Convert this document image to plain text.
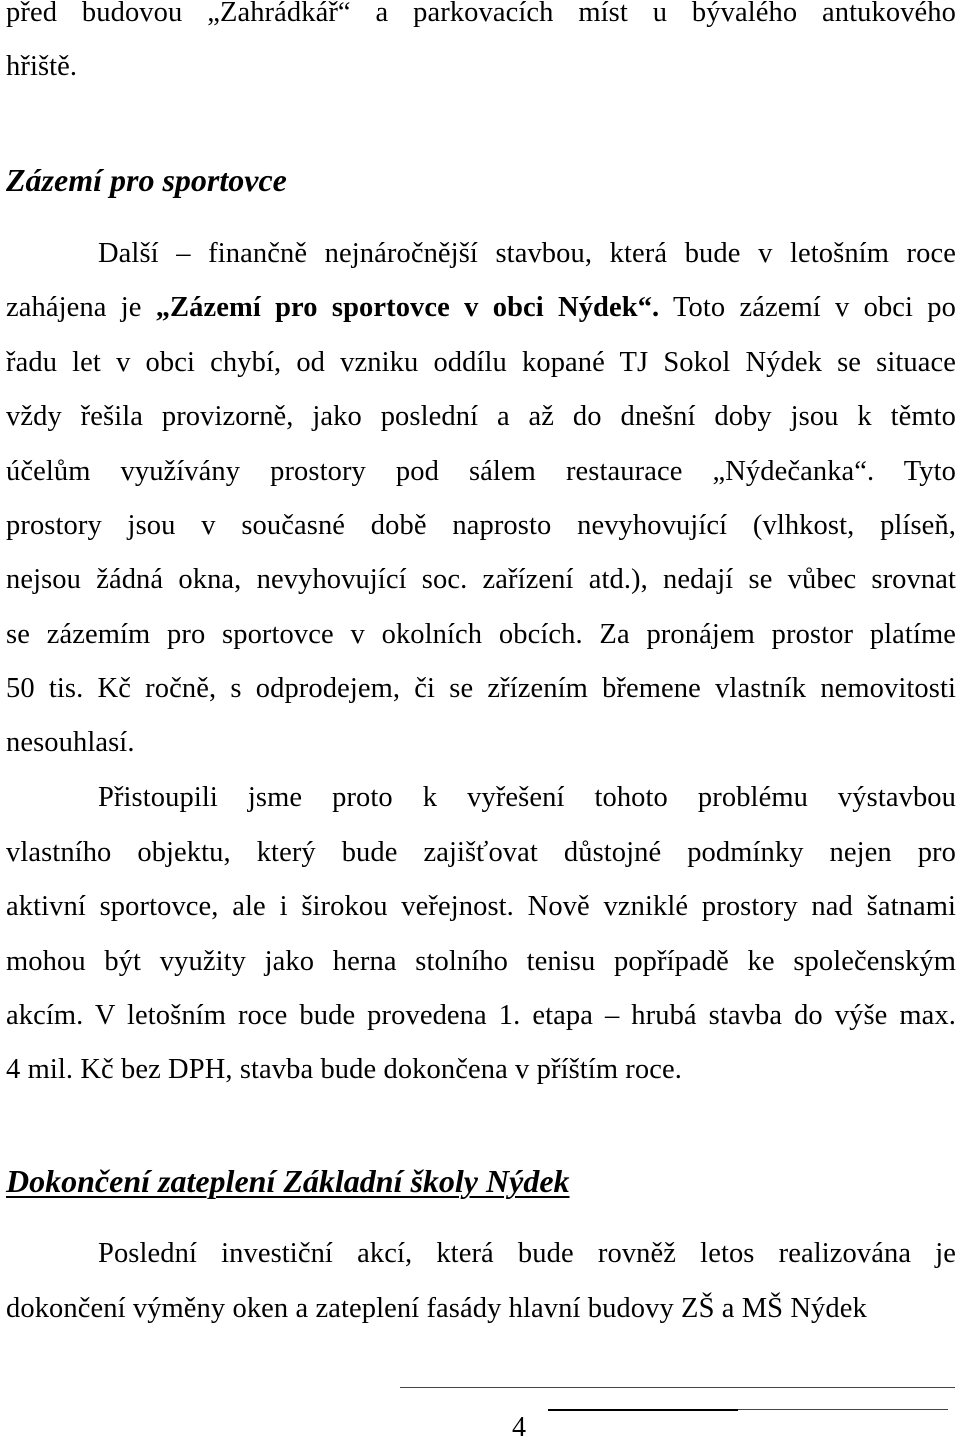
před budovou „Zahrádkář“ a parkovacích míst u bývalého antukového
hřiště.
Zázemí pro sportovce
Další – finančně nejnáročnější stavbou, která bude v letošním roce
zahájena je „Zázemí pro sportovce v obci Nýdek“. Toto zázemí v obci po
řadu let v obci chybí, od vzniku oddílu kopané TJ Sokol Nýdek se situace
vždy řešila provizorně, jako poslední a až do dnešní doby jsou k těmto
účelům využívány prostory pod sálem restaurace „Nýdečanka“. Tyto
prostory jsou v současné době naprosto nevyhovující (vlhkost, plíseň,
nejsou žádná okna, nevyhovující soc. zařízení atd.), nedají se vůbec srovnat
se zázemím pro sportovce v okolních obcích. Za pronájem prostor platíme
50 tis. Kč ročně, s odprodejem, či se zřízením břemene vlastník nemovitosti
nesouhlasí.
Přistoupili jsme proto k vyřešení tohoto problému výstavbou
vlastního objektu, který bude zajišťovat důstojné podmínky nejen pro
aktivní sportovce, ale i širokou veřejnost. Nově vzniklé prostory nad šatnami
mohou být využity jako herna stolního tenisu popřípadě ke společenským
akcím. V letošním roce bude provedena 1. etapa – hrubá stavba do výše max.
4 mil. Kč bez DPH, stavba bude dokončena v příštím roce.
Dokončení zateplení Základní školy Nýdek
Poslední investiční akcí, která bude rovněž letos realizována je
dokončení výměny oken a zateplení fasády hlavní budovy ZŠ a MŠ Nýdek
4
